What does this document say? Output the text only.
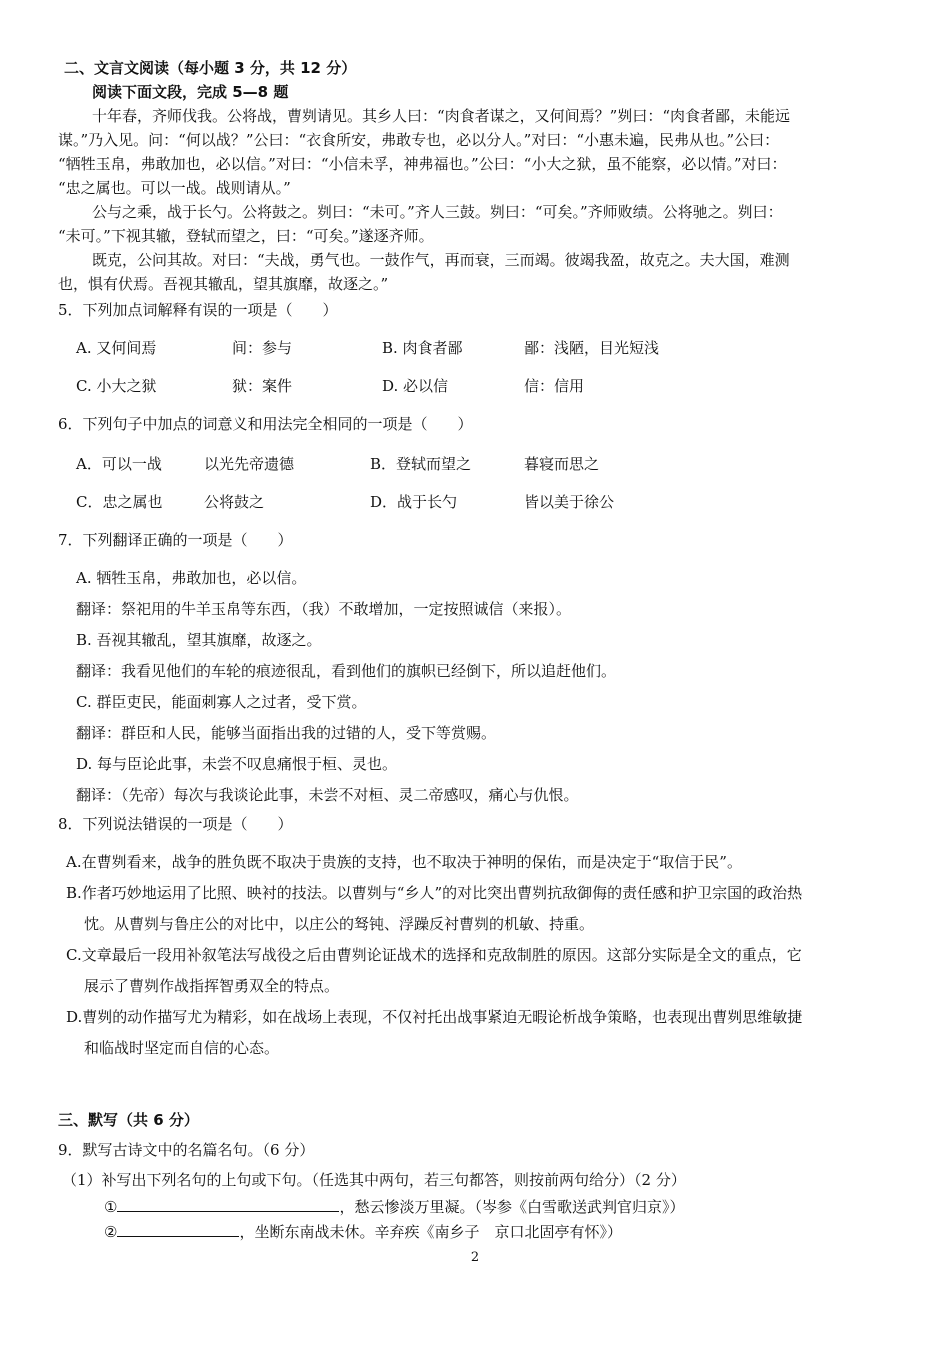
二、文言文阅读（每小题 3 分，共 12 分）
阅读下面文段，完成 5—8 题
十年春，齐师伐我。公将战，曹刿请见。其乡人曰：“肉食者谋之，又何间焉？”刿曰：“肉食者鄙，未能远
谋。”乃入见。问：“何以战？”公曰：“衣食所安，弗敢专也，必以分人。”对曰：“小惠未遍，民弗从也。”公曰：
“牺牲玉帛，弗敢加也，必以信。”对曰：“小信未孚，神弗福也。”公曰：“小大之狱，虽不能察，必以情。”对曰：
“忠之属也。可以一战。战则请从。”
公与之乘，战于长勺。公将鼓之。刿曰：“未可。”齐人三鼓。刿曰：“可矣。”齐师败绩。公将驰之。刿曰：
“未可。”下视其辙，登轼而望之，曰：“可矣。”遂逐齐师。
既克，公问其故。对曰：“夫战，勇气也。一鼓作气，再而衰，三而竭。彼竭我盈，故克之。夫大国，难测
也，惧有伏焉。吾视其辙乱，望其旗靡，故逐之。”
5．下列加点词解释有误的一项是（　　）
A. 又何间焉	间：参与	B. 肉食者鄙	鄙：浅陋，目光短浅
C. 小大之狱	狱：案件	D. 必以信	信：信用
6．下列句子中加点的词意义和用法完全相同的一项是（　　）
A．可以一战	以光先帝遗德	B．登轼而望之	暮寝而思之
C．忠之属也	公将鼓之	D．战于长勺	皆以美于徐公
7．下列翻译正确的一项是（　　）
A. 牺牲玉帛，弗敢加也，必以信。
翻译：祭祀用的牛羊玉帛等东西，（我）不敢增加，一定按照诚信（来报）。
B. 吾视其辙乱，望其旗靡，故逐之。
翻译：我看见他们的车轮的痕迹很乱，看到他们的旗帜已经倒下，所以追赶他们。
C. 群臣吏民，能面刺寡人之过者，受下赏。
翻译：群臣和人民，能够当面指出我的过错的人，受下等赏赐。
D. 每与臣论此事，未尝不叹息痛恨于桓、灵也。
翻译：（先帝）每次与我谈论此事，未尝不对桓、灵二帝感叹，痛心与仇恨。
8．下列说法错误的一项是（　　）
A.在曹刿看来，战争的胜负既不取决于贵族的支持，也不取决于神明的保佑，而是决定于“取信于民”。
B.作者巧妙地运用了比照、映衬的技法。以曹刿与“乡人”的对比突出曹刿抗敌御侮的责任感和护卫宗国的政治热
忱。从曹刿与鲁庄公的对比中，以庄公的驽钝、浮躁反衬曹刿的机敏、持重。
C.文章最后一段用补叙笔法写战役之后由曹刿论证战术的选择和克敌制胜的原因。这部分实际是全文的重点，它
展示了曹刿作战指挥智勇双全的特点。
D.曹刿的动作描写尤为精彩，如在战场上表现，不仅衬托出战事紧迫无暇论析战争策略，也表现出曹刿思维敏捷
和临战时坚定而自信的心态。
三、默写（共 6 分）
9．默写古诗文中的名篇名句。（6 分）
（1）补写出下列名句的上句或下句。（任选其中两句，若三句都答，则按前两句给分）（2 分）
①	，愁云惨淡万里凝。（岑参《白雪歌送武判官归京》）
②	，坐断东南战未休。辛弃疾《南乡子　京口北固亭有怀》）
2
